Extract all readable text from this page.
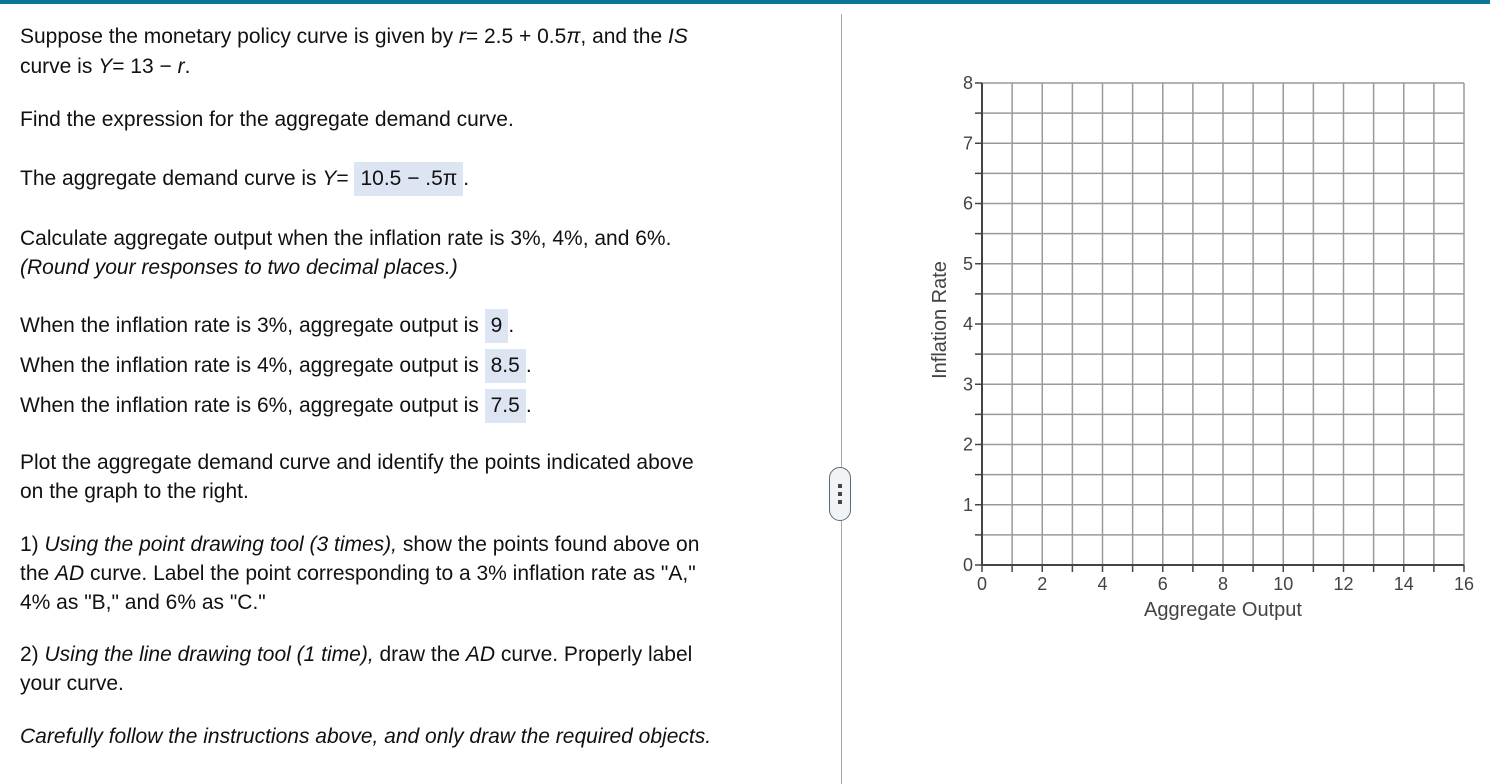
Suppose the monetary policy curve is given by r= 2.5 + 0.5π, and the IS

curve is Y= 13 − r.

Find the expression for the aggregate demand curve.

The aggregate demand curve is Y= 10.5 − .5π .

Calculate aggregate output when the inflation rate is 3%, 4%, and 6%.

(Round your responses to two decimal places.)

When the inflation rate is 3%, aggregate output is 9 .

When the inflation rate is 4%, aggregate output is 8.5 .

When the inflation rate is 6%, aggregate output is 7.5 .

Plot the aggregate demand curve and identify the points indicated above

on the graph to the right.

1) Using the point drawing tool (3 times), show the points found above on

the AD curve. Label the point corresponding to a 3% inflation rate as "A,"

4% as "B," and 6% as "C."

2) Using the line drawing tool (1 time), draw the AD curve. Properly label

your curve.

Carefully follow the instructions above, and only draw the required objects.

0	2	4	6	8	10 12 14 16
0
1
2
3
4
5
6
7
8
Aggregate Output
Inflation Rate
